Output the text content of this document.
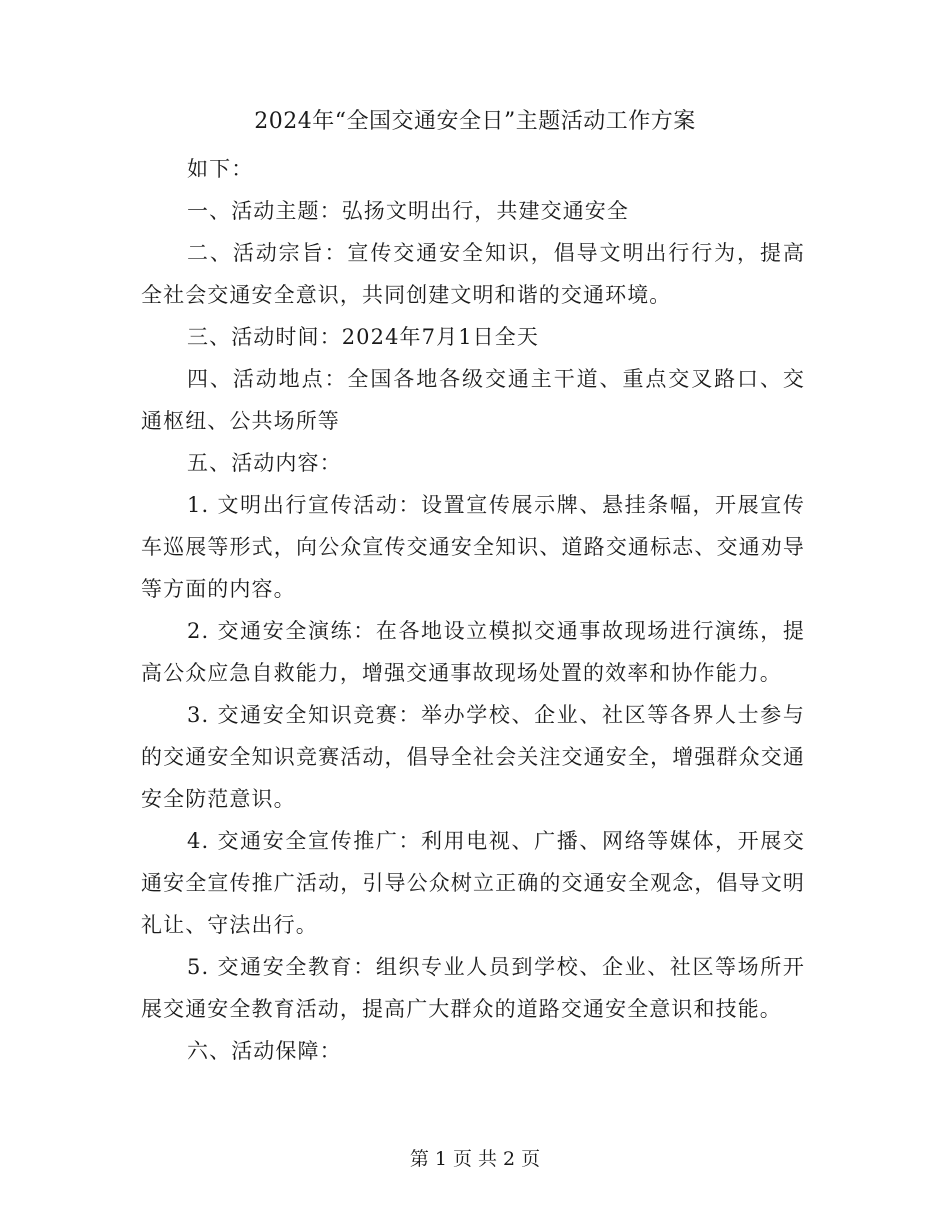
2024年“全国交通安全日”主题活动工作方案

如下：

一、活动主题：弘扬文明出行，共建交通安全

二、活动宗旨：宣传交通安全知识，倡导文明出行行为，提高全社会交通安全意识，共同创建文明和谐的交通环境。

三、活动时间：2024年7月1日全天

四、活动地点：全国各地各级交通主干道、重点交叉路口、交通枢纽、公共场所等

五、活动内容：

1. 文明出行宣传活动：设置宣传展示牌、悬挂条幅，开展宣传车巡展等形式，向公众宣传交通安全知识、道路交通标志、交通劝导等方面的内容。

2. 交通安全演练：在各地设立模拟交通事故现场进行演练，提高公众应急自救能力，增强交通事故现场处置的效率和协作能力。

3. 交通安全知识竞赛：举办学校、企业、社区等各界人士参与的交通安全知识竞赛活动，倡导全社会关注交通安全，增强群众交通安全防范意识。

4. 交通安全宣传推广：利用电视、广播、网络等媒体，开展交通安全宣传推广活动，引导公众树立正确的交通安全观念，倡导文明礼让、守法出行。

5. 交通安全教育：组织专业人员到学校、企业、社区等场所开展交通安全教育活动，提高广大群众的道路交通安全意识和技能。

六、活动保障：

第 1 页 共 2 页
